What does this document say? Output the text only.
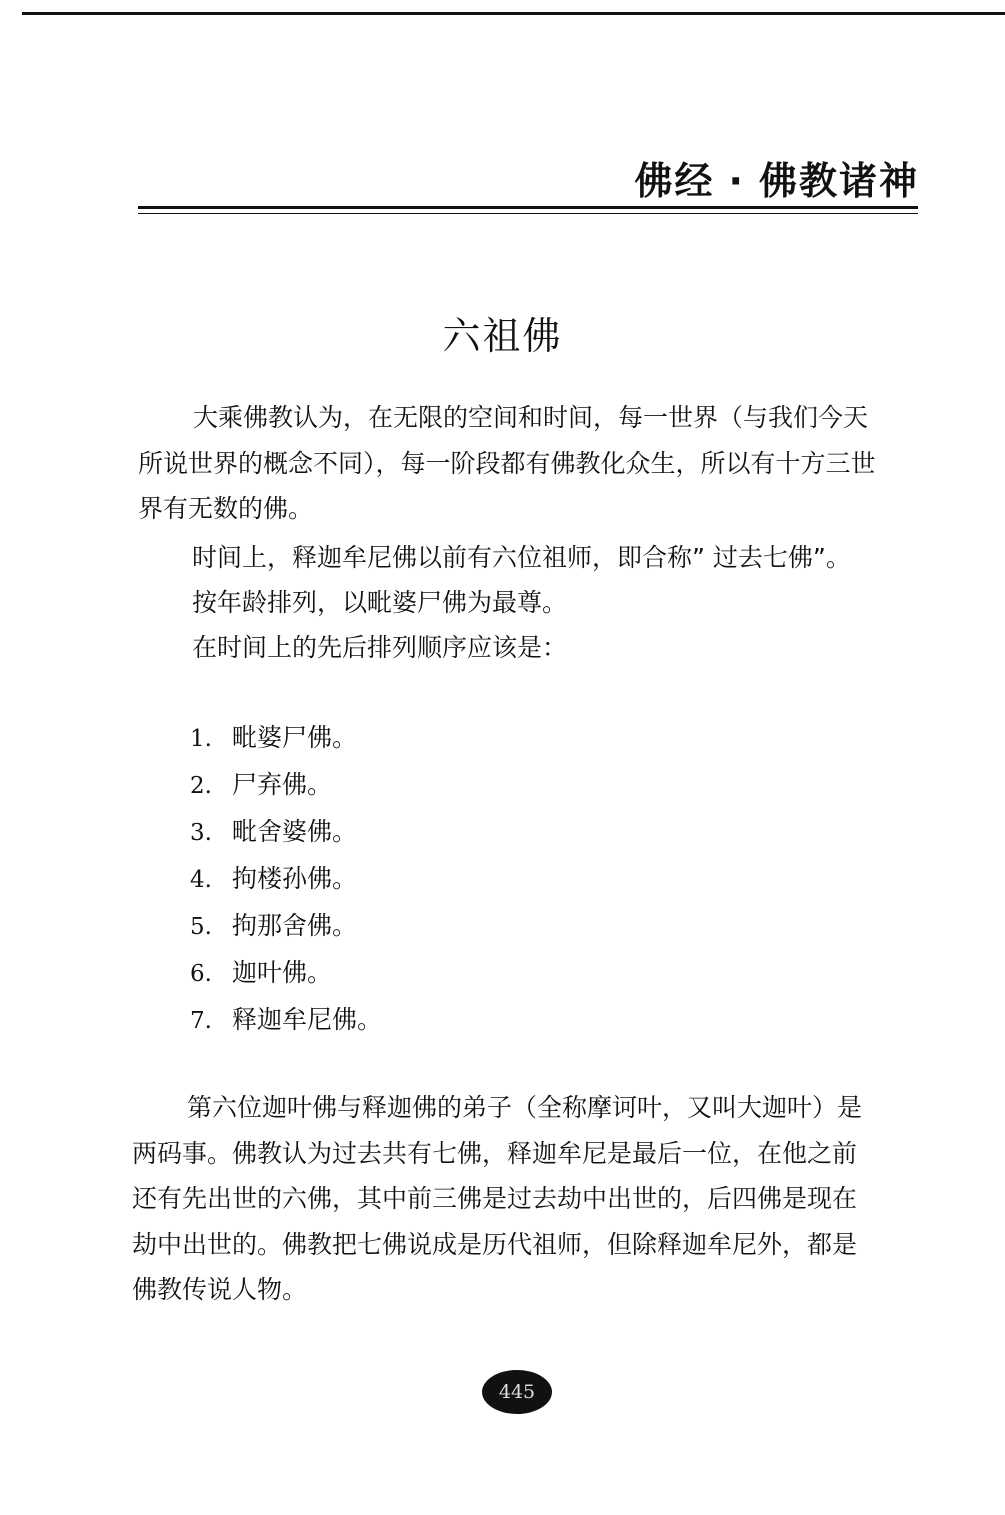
佛经 · 佛教诸神
六祖佛

大乘佛教认为，在无限的空间和时间，每一世界（与我们今天所说世界的概念不同），每一阶段都有佛教化众生，所以有十方三世界有无数的佛。

时间上，释迦牟尼佛以前有六位祖师，即合称” 过去七佛”。
按年龄排列，以毗婆尸佛为最尊。
在时间上的先后排列顺序应该是：
1. 毗婆尸佛。
2. 尸弃佛。
3. 毗舍婆佛。
4. 拘楼孙佛。
5. 拘那舍佛。
6. 迦叶佛。
7. 释迦牟尼佛。

第六位迦叶佛与释迦佛的弟子（全称摩诃叶，又叫大迦叶）是两码事。佛教认为过去共有七佛，释迦牟尼是最后一位，在他之前还有先出世的六佛，其中前三佛是过去劫中出世的，后四佛是现在劫中出世的。佛教把七佛说成是历代祖师，但除释迦牟尼外，都是佛教传说人物。

445
